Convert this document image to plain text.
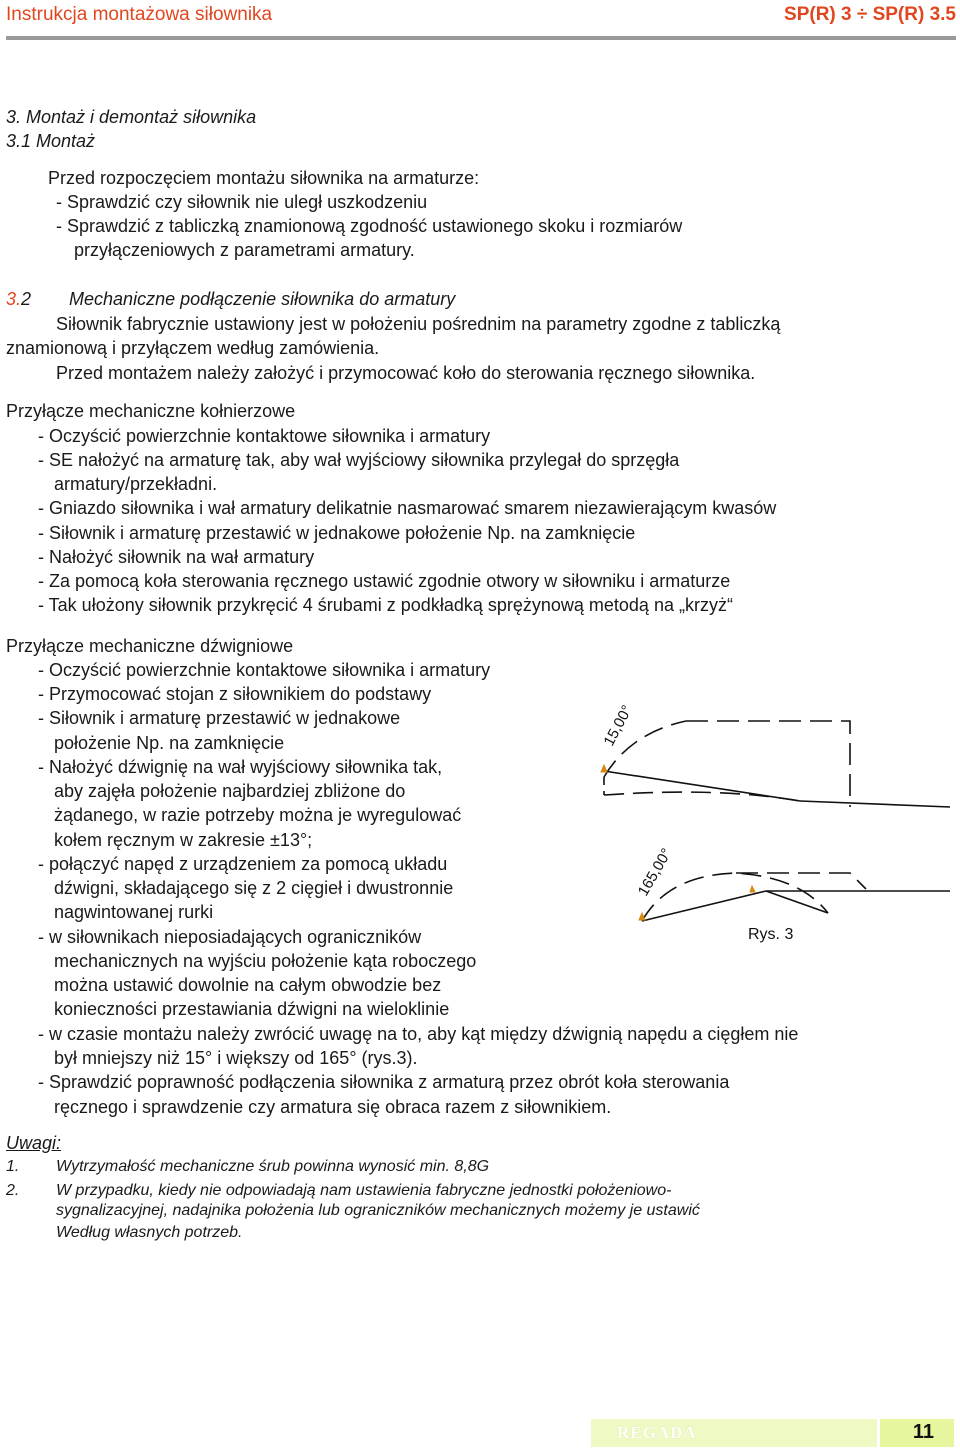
Instrukcja montażowa siłownika	SP(R) 3 ÷ SP(R) 3.5
3. Montaż i demontaż siłownika
3.1 Montaż
Przed rozpoczęciem montażu siłownika na armaturze:
- Sprawdzić czy siłownik nie uległ uszkodzeniu
- Sprawdzić z tabliczką znamionową zgodność ustawionego skoku i rozmiarów
przyłączeniowych z parametrami armatury.
3.2 Mechaniczne podłączenie siłownika do armatury
Siłownik fabrycznie ustawiony jest w położeniu pośrednim na parametry zgodne z tabliczką
znamionową i przyłączem według zamówienia.
Przed montażem należy założyć i przymocować koło do sterowania ręcznego siłownika.
Przyłącze mechaniczne kołnierzowe
- Oczyścić powierzchnie kontaktowe siłownika i armatury
- SE nałożyć na armaturę tak, aby wał wyjściowy siłownika przylegał do sprzęgła
armatury/przekładni.
- Gniazdo siłownika i wał armatury delikatnie nasmarować smarem niezawierającym kwasów
- Siłownik i armaturę przestawić w jednakowe położenie Np. na zamknięcie
- Nałożyć siłownik na wał armatury
- Za pomocą koła sterowania ręcznego ustawić zgodnie otwory w siłowniku i armaturze
- Tak ułożony siłownik przykręcić 4 śrubami z podkładką sprężynową metodą na „krzyż“
Przyłącze mechaniczne dźwigniowe
- Oczyścić powierzchnie kontaktowe siłownika i armatury
- Przymocować stojan z siłownikiem do podstawy
- Siłownik i armaturę przestawić w jednakowe
położenie Np. na zamknięcie
- Nałożyć dźwignię na wał wyjściowy siłownika tak,
aby zajęła położenie najbardziej zbliżone do
żądanego, w razie potrzeby można je wyregulować
kołem ręcznym w zakresie ±13°;
- połączyć napęd z urządzeniem za pomocą układu
dźwigni, składającego się z 2 cięgieł i dwustronnie
nagwintowanej rurki
- w siłownikach nieposiadających ograniczników
mechanicznych na wyjściu położenie kąta roboczego
można ustawić dowolnie na całym obwodzie bez
konieczności przestawiania dźwigni na wieloklinie
- w czasie montażu należy zwrócić uwagę na to, aby kąt między dźwignią napędu a cięgłem nie
był mniejszy niż 15° i większy od 165° (rys.3).
- Sprawdzić poprawność podłączenia siłownika z armaturą przez obrót koła sterowania
ręcznego i sprawdzenie czy armatura się obraca razem z siłownikiem.
15,00°
165,00°
Rys. 3
Uwagi:
1. Wytrzymałość mechaniczne śrub powinna wynosić min. 8,8G
2. W przypadku, kiedy nie odpowiadają nam ustawienia fabryczne jednostki położeniowo-
sygnalizacyjnej, nadajnika położenia lub ograniczników mechanicznych możemy je ustawić
Według własnych potrzeb.
REGADA	11
